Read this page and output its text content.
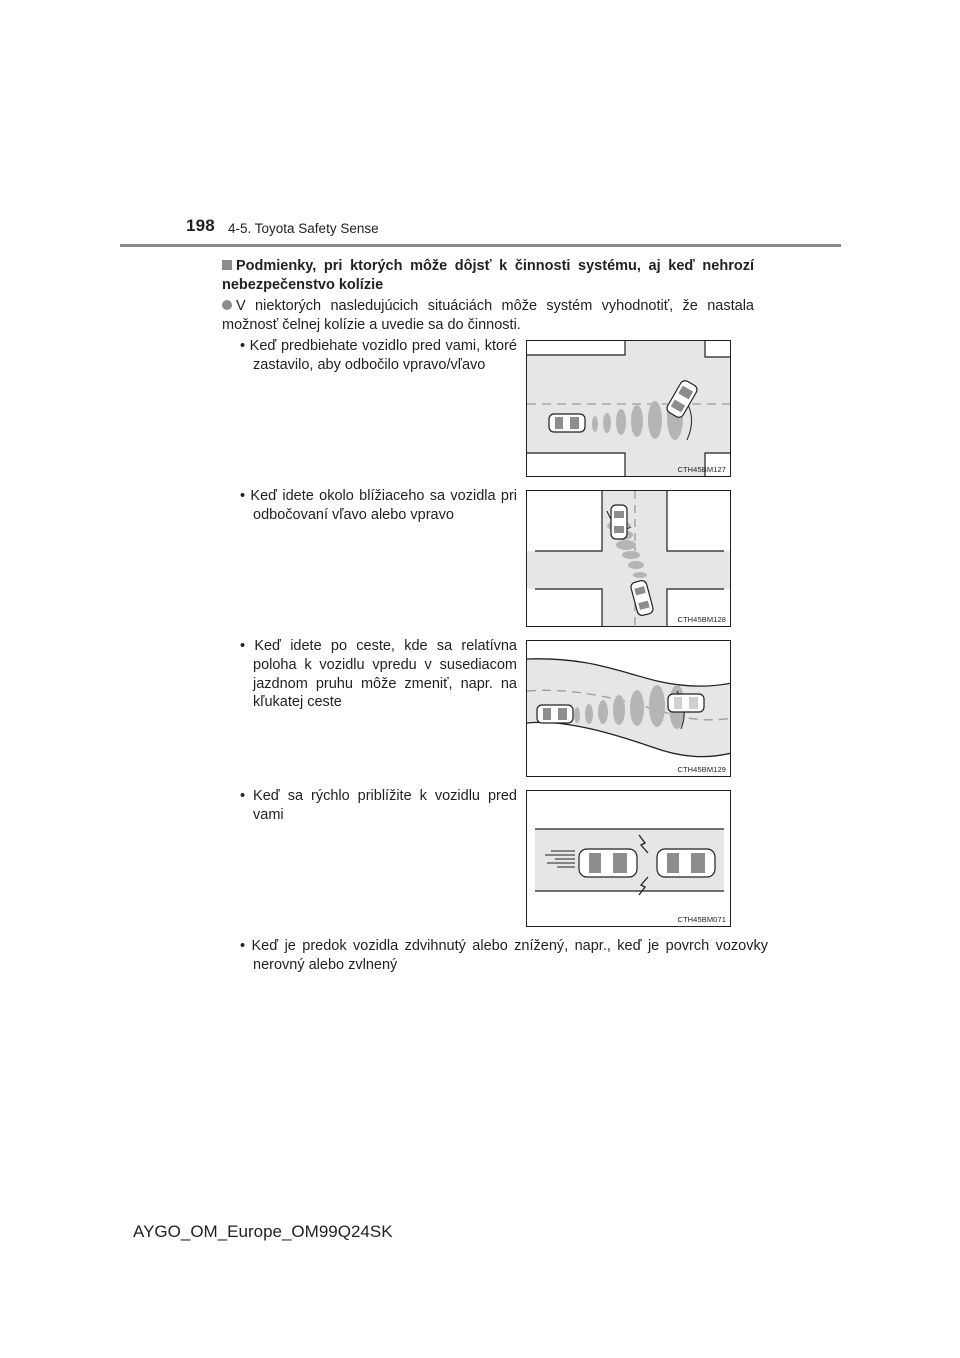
198 4-5. Toyota Safety Sense
Podmienky, pri ktorých môže dôjsť k činnosti systému, aj keď nehrozí nebezpečenstvo kolízie
V niektorých nasledujúcich situáciách môže systém vyhodnotiť, že nastala možnosť čelnej kolízie a uvedie sa do činnosti.
• Keď predbiehate vozidlo pred vami, ktoré zastavilo, aby odbočilo vpravo/vľavo
CTH45BM127
• Keď idete okolo blížiaceho sa vozidla pri odbočovaní vľavo alebo vpravo
CTH45BM128
• Keď idete po ceste, kde sa relatívna poloha k vozidlu vpredu v susediacom jazdnom pruhu môže zmeniť, napr. na kľukatej ceste
CTH45BM129
• Keď sa rýchlo priblížite k vozidlu pred vami
CTH45BM071
• Keď je predok vozidla zdvihnutý alebo znížený, napr., keď je povrch vozovky nerovný alebo zvlnený
AYGO_OM_Europe_OM99Q24SK
